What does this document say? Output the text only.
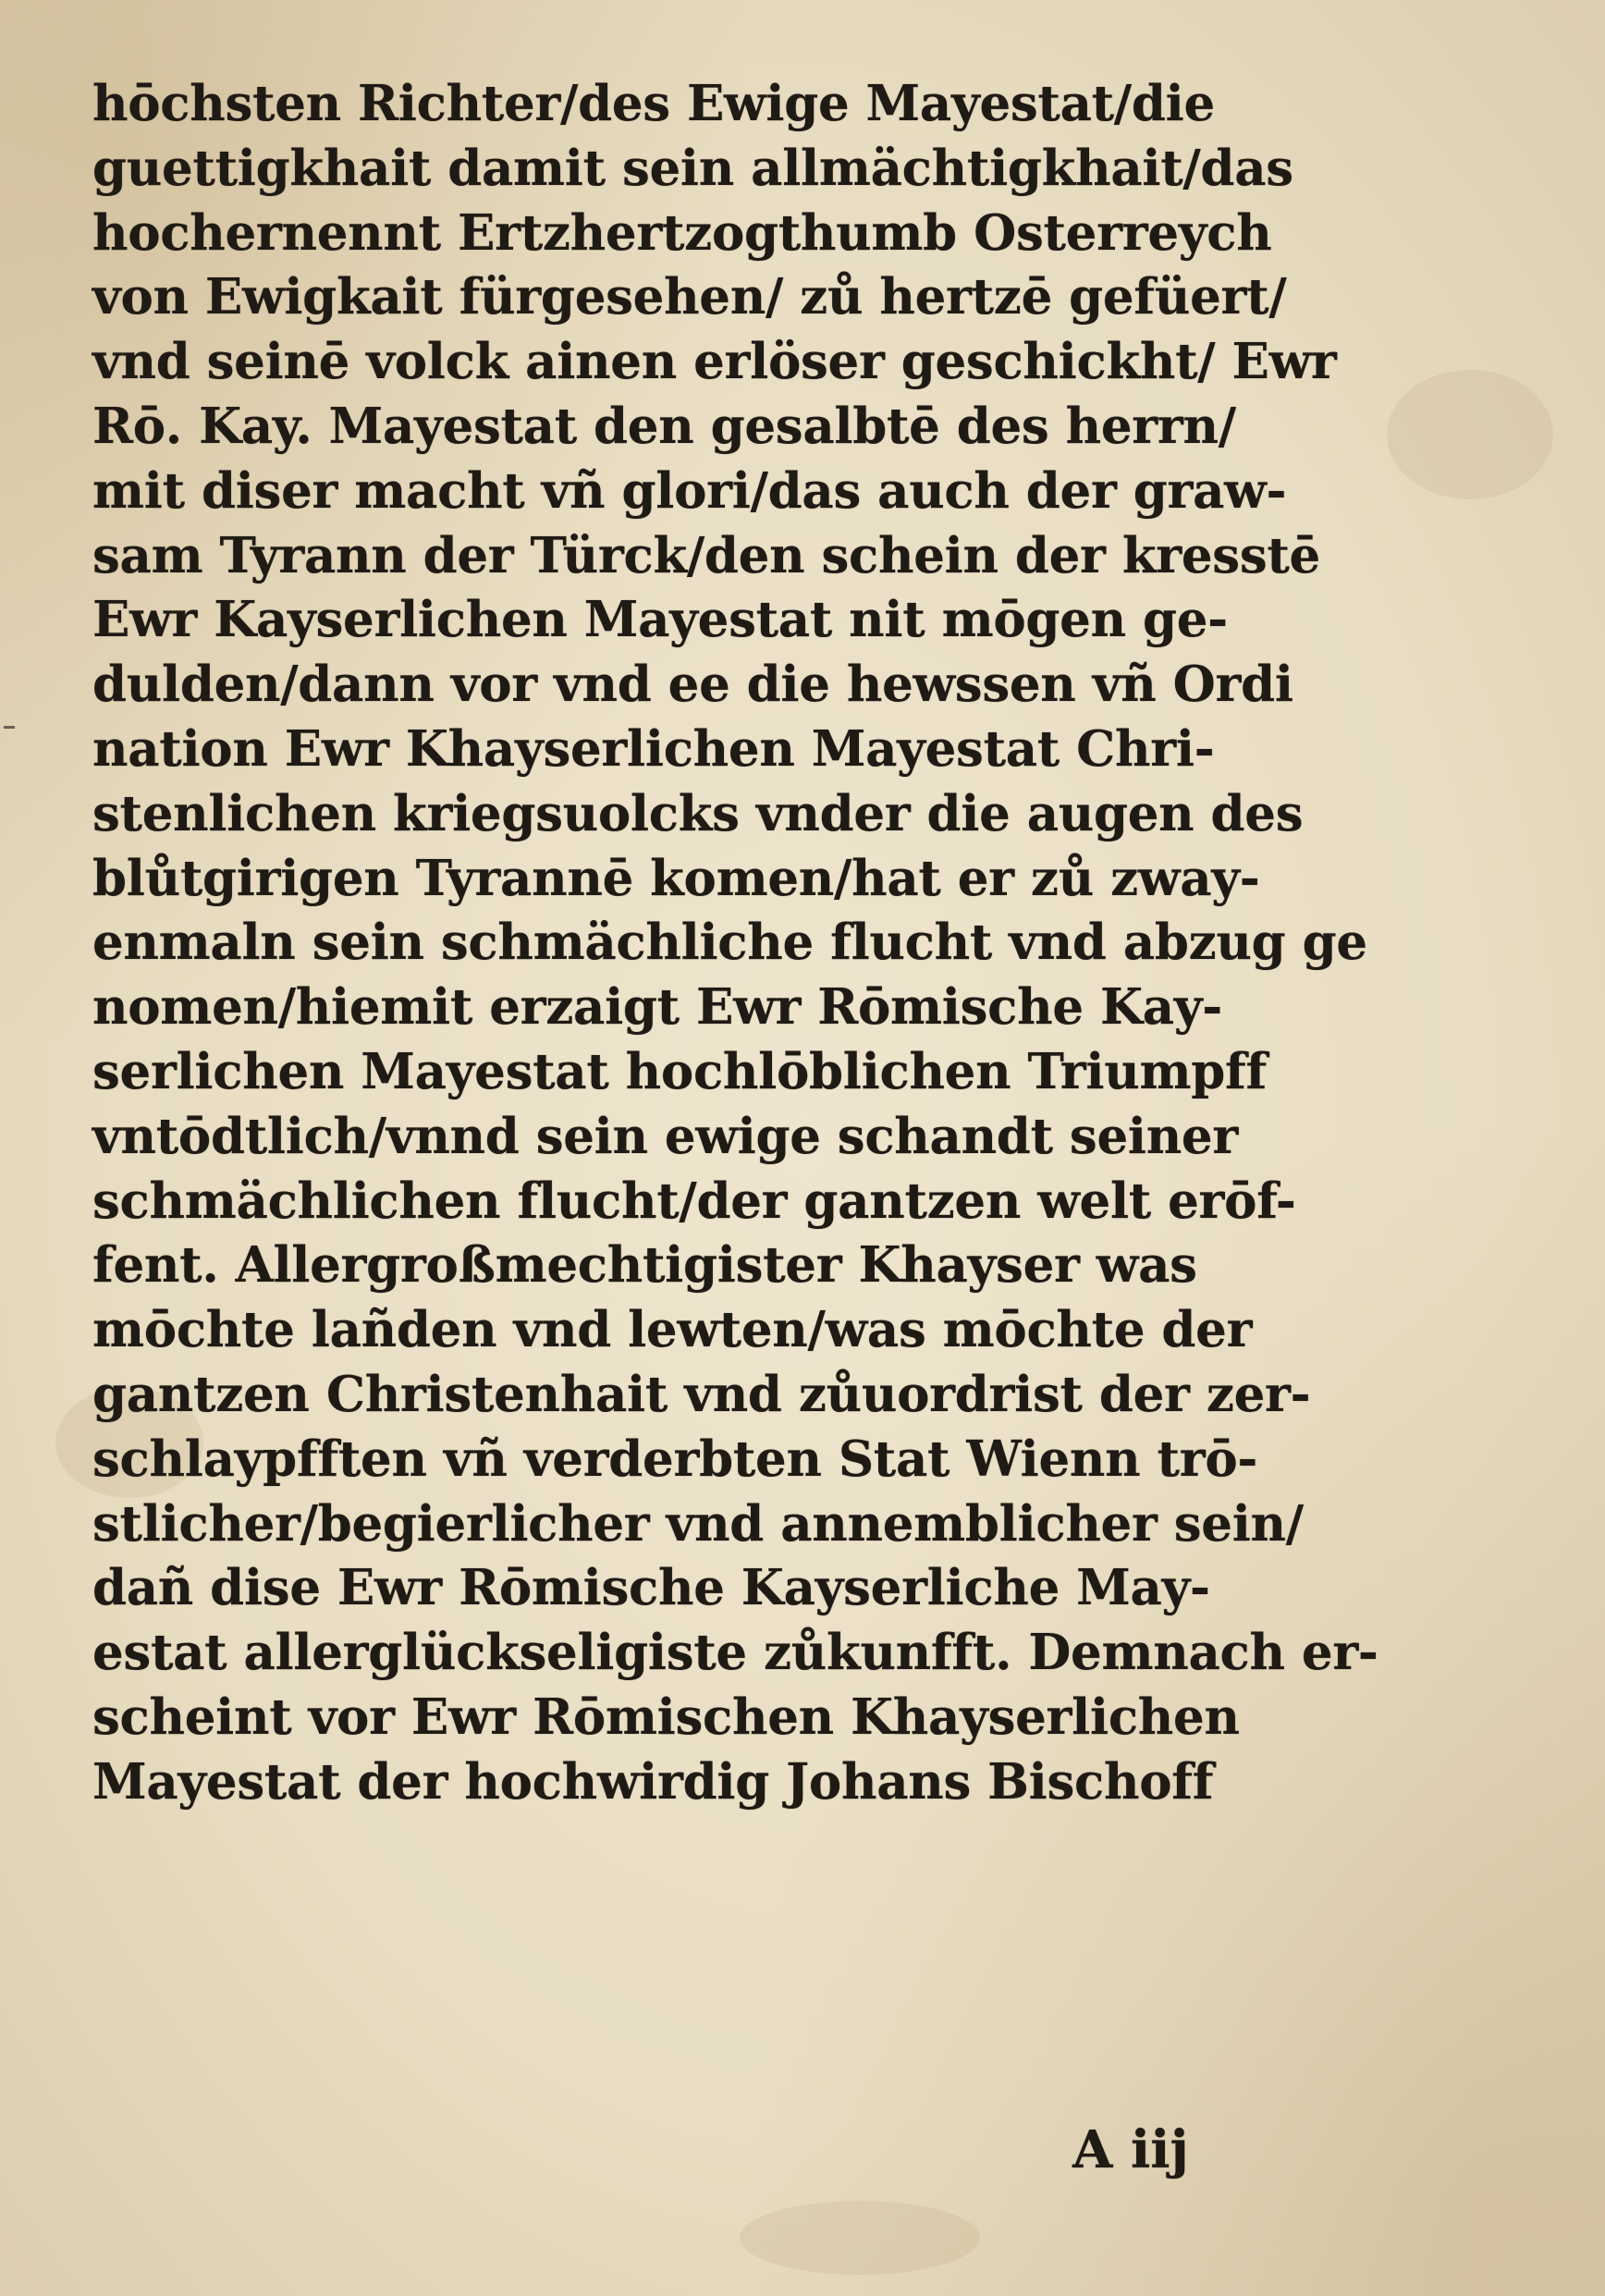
hōchsten Richter/des Ewige Mayestat/die
guettigkhait damit sein allmächtigkhait/das
hochernennt Ertzhertzogthumb Osterreych
von Ewigkait fürgesehen/ zů hertzē gefüert/
vnd seinē volck ainen erlöser geschickht/ Ewr
Rō. Kay. Mayestat den gesalbtē des herrn/
mit diser macht vñ glori/das auch der graw-
sam Tyrann der Türck/den schein der kresstē
Ewr Kayserlichen Mayestat nit mōgen ge-
dulden/dann vor vnd ee die hewssen vñ Ordi
nation Ewr Khayserlichen Mayestat Chri-
stenlichen kriegsuolcks vnder die augen des
blůtgirigen Tyrannē komen/hat er zů zway-
enmaln sein schmächliche flucht vnd abzug ge
nomen/hiemit erzaigt Ewr Rōmische Kay-
serlichen Mayestat hochlōblichen Triumpff
vntōdtlich/vnnd sein ewige schandt seiner
schmächlichen flucht/der gantzen welt erōf-
fent. Allergroßmechtigister Khayser was
mōchte lañden vnd lewten/was mōchte der
gantzen Christenhait vnd zůuordrist der zer-
schlaypfften vñ verderbten Stat Wienn trō-
stlicher/begierlicher vnd annemblicher sein/
dañ dise Ewr Rōmische Kayserliche May-
estat allerglückseligiste zůkunfft. Demnach er-
scheint vor Ewr Rōmischen Khayserlichen
Mayestat der hochwirdig Johans Bischoff
A iij
